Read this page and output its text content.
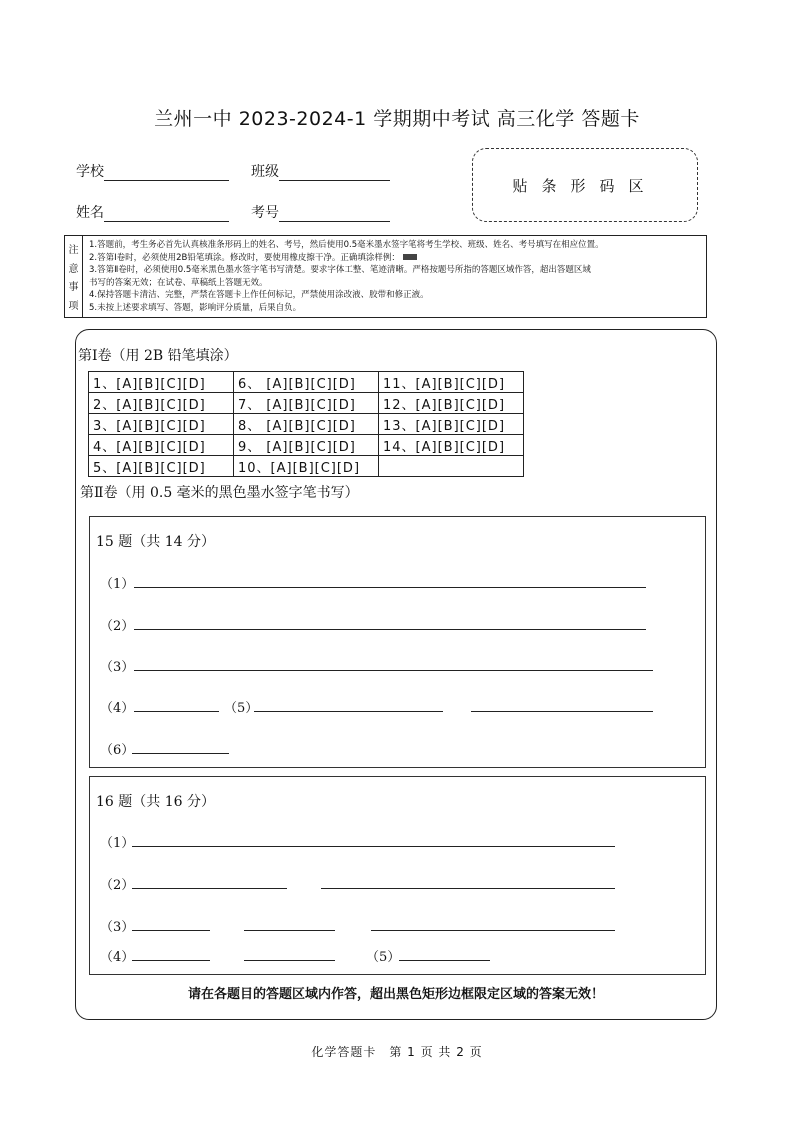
兰州一中 2023-2024-1 学期期中考试 高三化学 答题卡
学校	班级
姓名	考号
贴条形码区
注
意
事
项
1.答题前，考生务必首先认真核准条形码上的姓名、考号，然后使用0.5毫米墨水签字笔将考生学校、班级、姓名、考号填写在相应位置。
2.答第Ⅰ卷时，必须使用2B铅笔填涂。修改时，要使用橡皮擦干净。正确填涂样例：
3.答第Ⅱ卷时，必须使用0.5毫米黑色墨水签字笔书写清楚。要求字体工整、笔迹清晰。严格按题号所指的答题区域作答，超出答题区域
书写的答案无效；在试卷、草稿纸上答题无效。
4.保持答题卡清洁、完整，严禁在答题卡上作任何标记，严禁使用涂改液、胶带和修正液。
5.未按上述要求填写、答题，影响评分质量，后果自负。
第Ⅰ卷（用 2B 铅笔填涂）
1、[A][B][C][D]	6、 [A][B][C][D]	11、[A][B][C][D]
2、[A][B][C][D]	7、 [A][B][C][D]	12、[A][B][C][D]
3、[A][B][C][D]	8、 [A][B][C][D]	13、[A][B][C][D]
4、[A][B][C][D]	9、 [A][B][C][D]	14、[A][B][C][D]
5、[A][B][C][D]	10、[A][B][C][D]	
第Ⅱ卷（用 0.5 毫米的黑色墨水签字笔书写）
15 题（共 14 分）
（1）
（2）
（3）
（4）	（5）
（6）
16 题（共 16 分）
（1）
（2）
（3）
（4）	（5）
请在各题目的答题区域内作答，超出黑色矩形边框限定区域的答案无效！
化学答题卡　第 1 页 共 2 页
